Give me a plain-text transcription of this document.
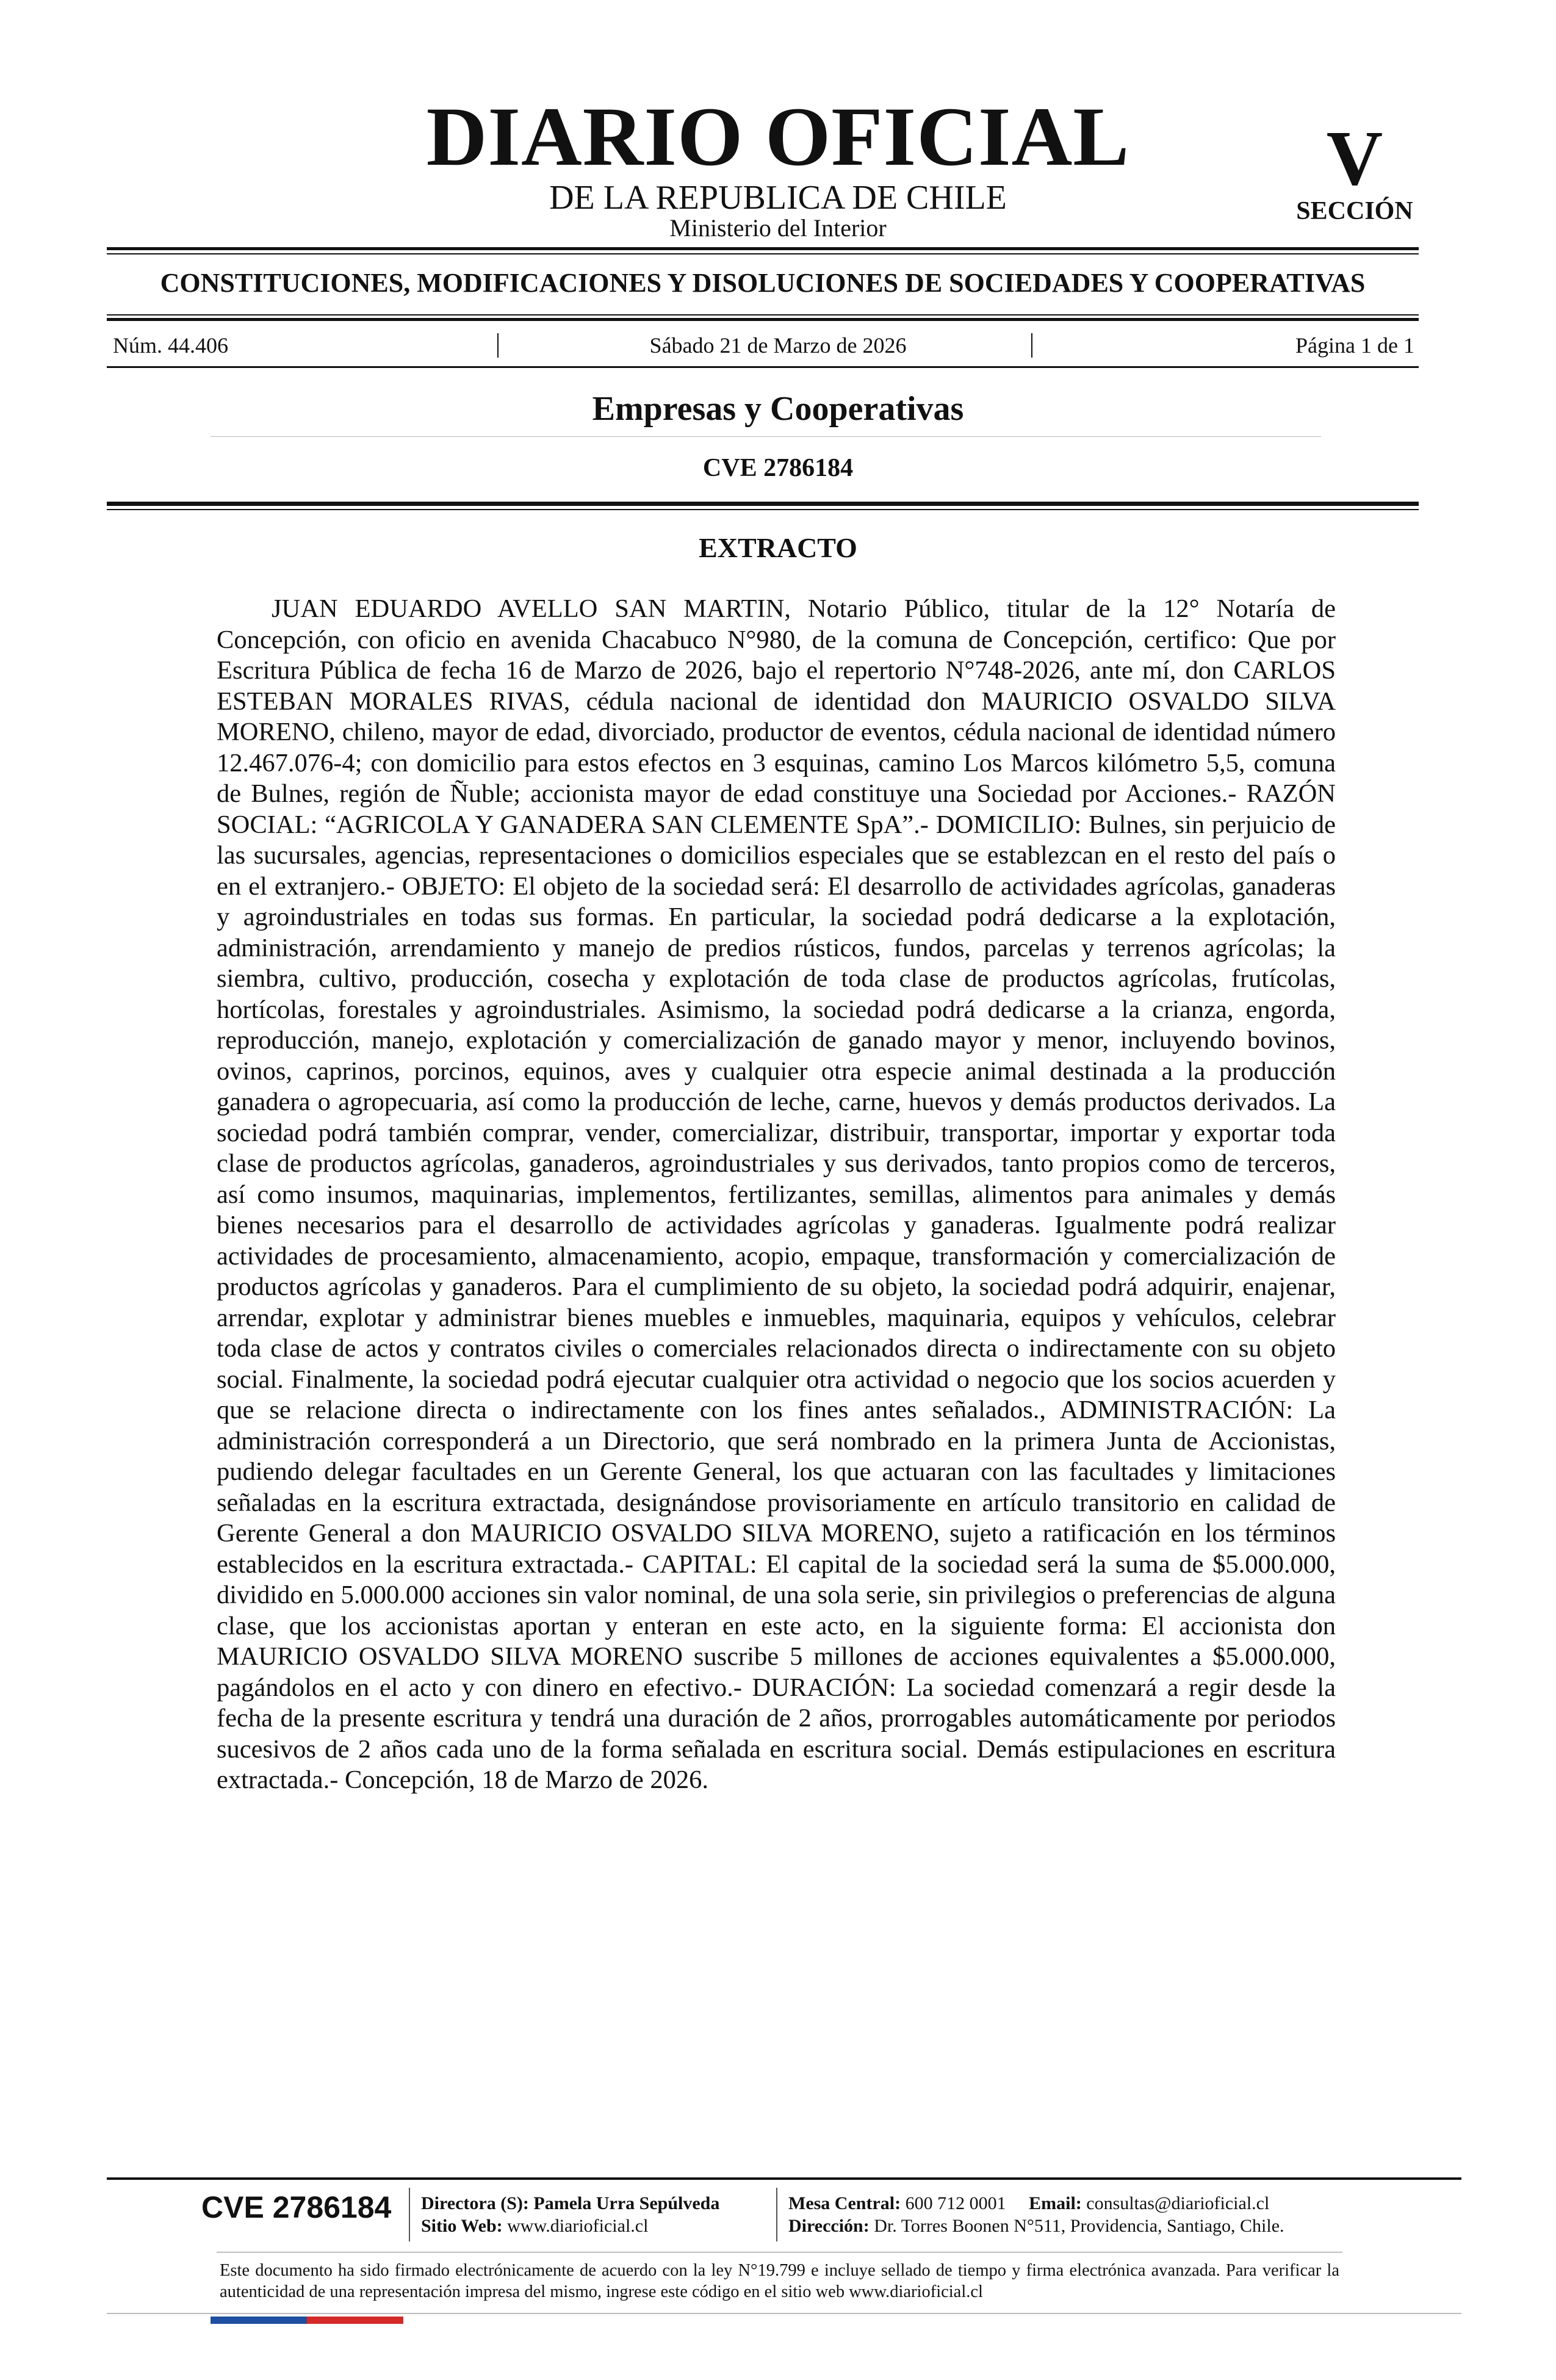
DIARIO OFICIAL
DE LA REPUBLICA DE CHILE
Ministerio del Interior
V
SECCIÓN
CONSTITUCIONES, MODIFICACIONES Y DISOLUCIONES DE SOCIEDADES Y COOPERATIVAS
Núm. 44.406	Sábado 21 de Marzo de 2026	Página 1 de 1
Empresas y Cooperativas
CVE 2786184
EXTRACTO

JUAN EDUARDO AVELLO SAN MARTIN, Notario Público, titular de la 12° Notaría de Concepción, con oficio en avenida Chacabuco N°980, de la comuna de Concepción, certifico: Que por Escritura Pública de fecha 16 de Marzo de 2026, bajo el repertorio N°748-2026, ante mí, don CARLOS ESTEBAN MORALES RIVAS, cédula nacional de identidad don MAURICIO OSVALDO SILVA MORENO, chileno, mayor de edad, divorciado, productor de eventos, cédula nacional de identidad número 12.467.076-4; con domicilio para estos efectos en 3 esquinas, camino Los Marcos kilómetro 5,5, comuna de Bulnes, región de Ñuble; accionista mayor de edad constituye una Sociedad por Acciones.- RAZÓN SOCIAL: “AGRICOLA Y GANADERA SAN CLEMENTE SpA”.- DOMICILIO: Bulnes, sin perjuicio de las sucursales, agencias, representaciones o domicilios especiales que se establezcan en el resto del país o en el extranjero.- OBJETO: El objeto de la sociedad será: El desarrollo de actividades agrícolas, ganaderas y agroindustriales en todas sus formas. En particular, la sociedad podrá dedicarse a la explotación, administración, arrendamiento y manejo de predios rústicos, fundos, parcelas y terrenos agrícolas; la siembra, cultivo, producción, cosecha y explotación de toda clase de productos agrícolas, frutícolas, hortícolas, forestales y agroindustriales. Asimismo, la sociedad podrá dedicarse a la crianza, engorda, reproducción, manejo, explotación y comercialización de ganado mayor y menor, incluyendo bovinos, ovinos, caprinos, porcinos, equinos, aves y cualquier otra especie animal destinada a la producción ganadera o agropecuaria, así como la producción de leche, carne, huevos y demás productos derivados. La sociedad podrá también comprar, vender, comercializar, distribuir, transportar, importar y exportar toda clase de productos agrícolas, ganaderos, agroindustriales y sus derivados, tanto propios como de terceros, así como insumos, maquinarias, implementos, fertilizantes, semillas, alimentos para animales y demás bienes necesarios para el desarrollo de actividades agrícolas y ganaderas. Igualmente podrá realizar actividades de procesamiento, almacenamiento, acopio, empaque, transformación y comercialización de productos agrícolas y ganaderos. Para el cumplimiento de su objeto, la sociedad podrá adquirir, enajenar, arrendar, explotar y administrar bienes muebles e inmuebles, maquinaria, equipos y vehículos, celebrar toda clase de actos y contratos civiles o comerciales relacionados directa o indirectamente con su objeto social. Finalmente, la sociedad podrá ejecutar cualquier otra actividad o negocio que los socios acuerden y que se relacione directa o indirectamente con los fines antes señalados., ADMINISTRACIÓN: La administración corresponderá a un Directorio, que será nombrado en la primera Junta de Accionistas, pudiendo delegar facultades en un Gerente General, los que actuaran con las facultades y limitaciones señaladas en la escritura extractada, designándose provisoriamente en artículo transitorio en calidad de Gerente General a don MAURICIO OSVALDO SILVA MORENO, sujeto a ratificación en los términos establecidos en la escritura extractada.- CAPITAL: El capital de la sociedad será la suma de $5.000.000, dividido en 5.000.000 acciones sin valor nominal, de una sola serie, sin privilegios o preferencias de alguna clase, que los accionistas aportan y enteran en este acto, en la siguiente forma: El accionista don MAURICIO OSVALDO SILVA MORENO suscribe 5 millones de acciones equivalentes a $5.000.000, pagándolos en el acto y con dinero en efectivo.- DURACIÓN: La sociedad comenzará a regir desde la fecha de la presente escritura y tendrá una duración de 2 años, prorrogables automáticamente por periodos sucesivos de 2 años cada uno de la forma señalada en escritura social. Demás estipulaciones en escritura extractada.- Concepción, 18 de Marzo de 2026.

CVE 2786184 Directora (S): Pamela Urra Sepúlveda
Sitio Web: www.diarioficial.cl
Mesa Central: 600 712 0001 Email: consultas@diarioficial.cl
Dirección: Dr. Torres Boonen N°511, Providencia, Santiago, Chile.

Este documento ha sido firmado electrónicamente de acuerdo con la ley N°19.799 e incluye sellado de tiempo y firma electrónica avanzada. Para verificar la autenticidad de una representación impresa del mismo, ingrese este código en el sitio web www.diarioficial.cl
